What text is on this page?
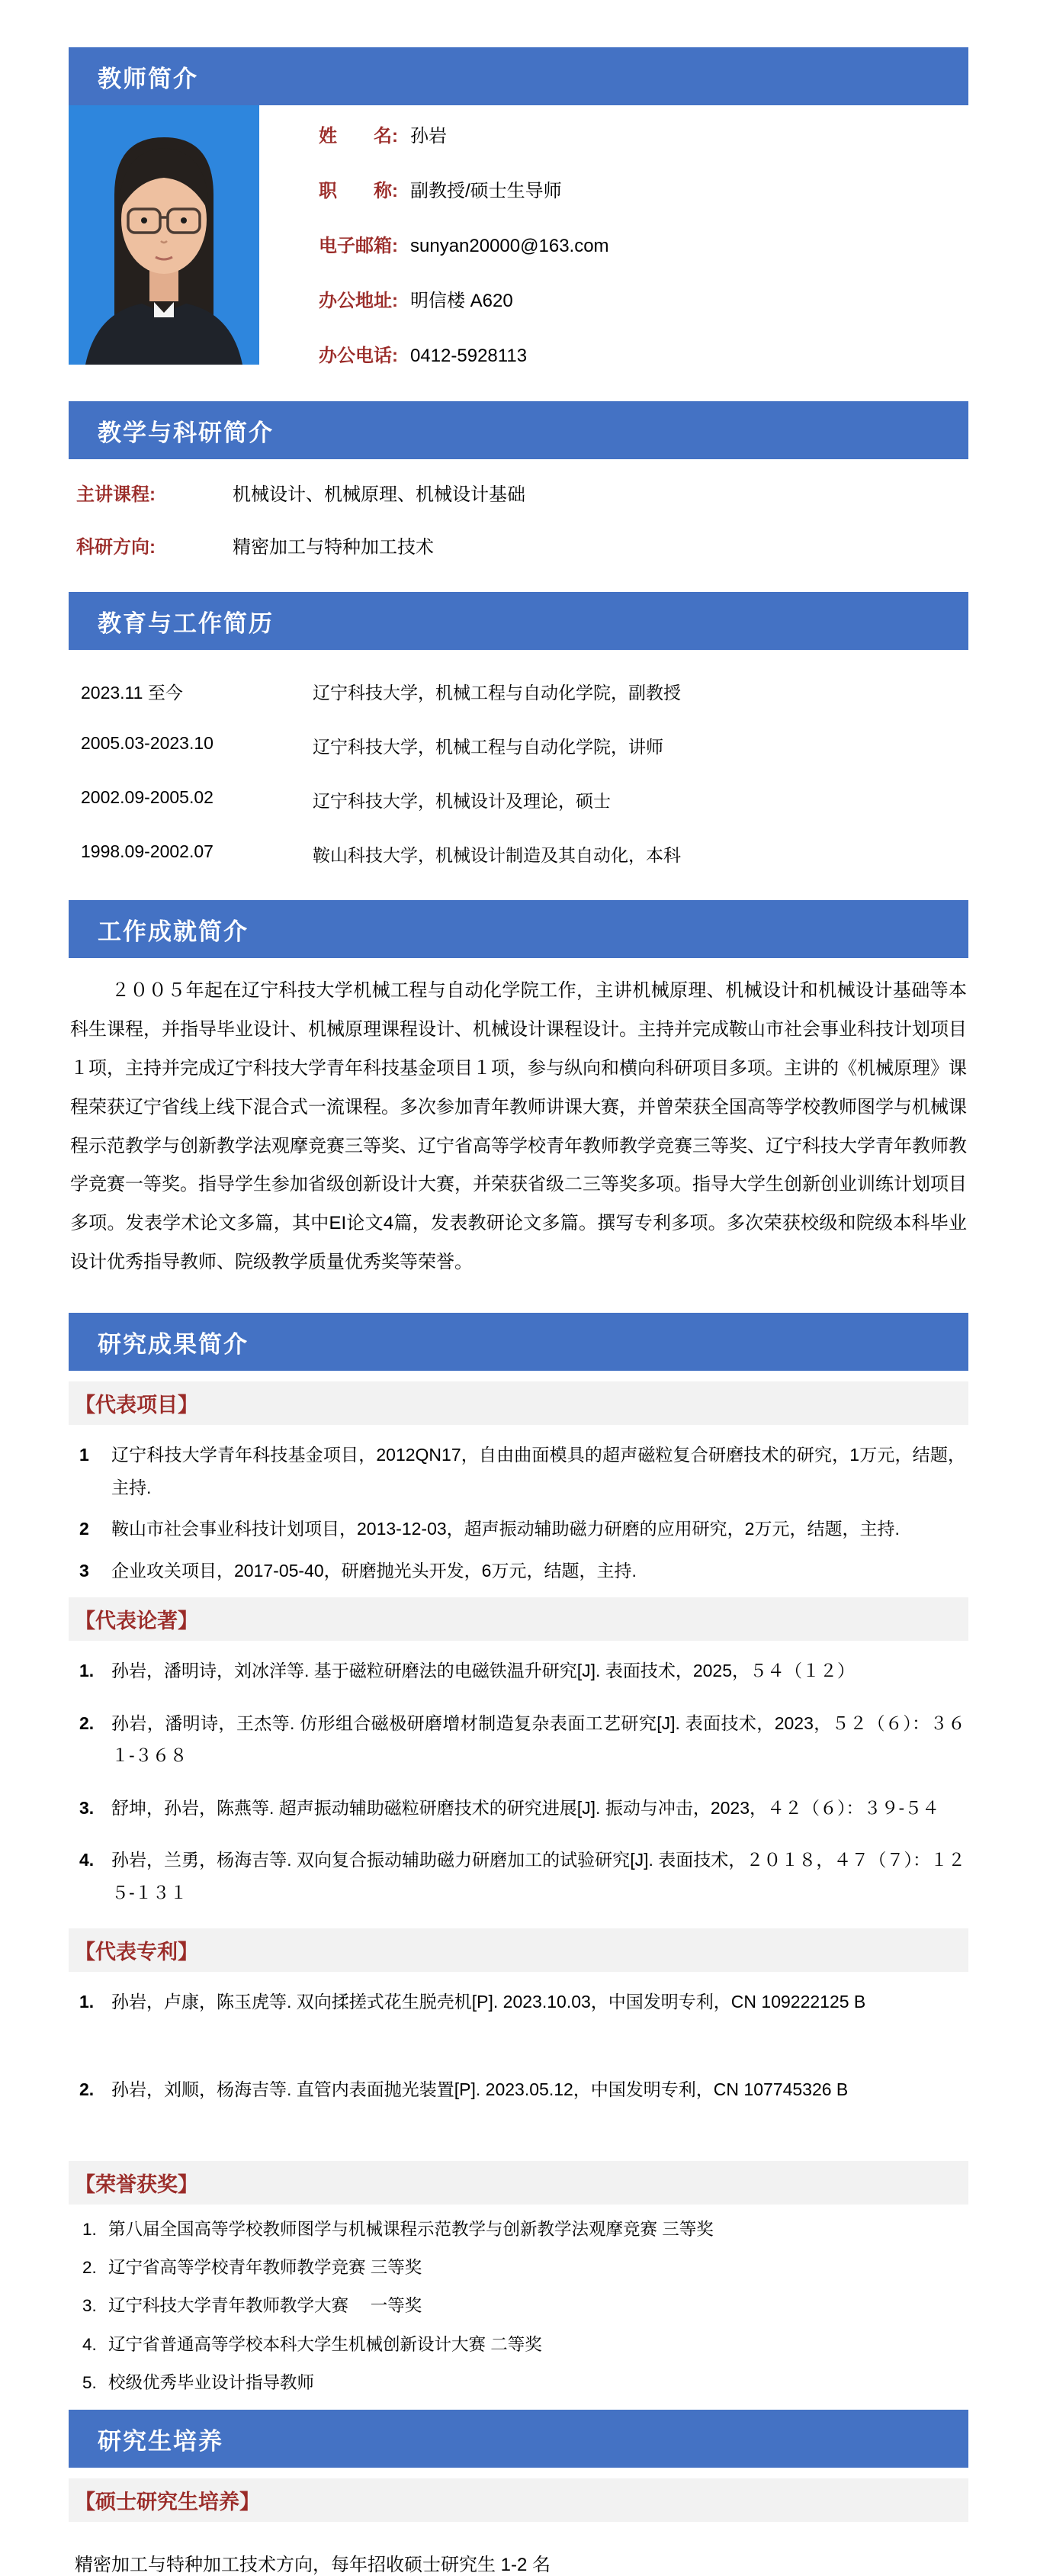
教师简介
姓　　名: 孙岩
职　　称: 副教授/硕士生导师
电子邮箱: sunyan20000@163.com
办公地址: 明信楼 A620
办公电话: 0412-5928113
教学与科研简介
主讲课程:	机械设计、机械原理、机械设计基础
科研方向:	精密加工与特种加工技术
教育与工作简历
2023.11 至今	辽宁科技大学，机械工程与自动化学院，副教授
2005.03-2023.10	辽宁科技大学，机械工程与自动化学院，讲师
2002.09-2005.02	辽宁科技大学，机械设计及理论，硕士
1998.09-2002.07	鞍山科技大学，机械设计制造及其自动化，本科
工作成就简介
２００５年起在辽宁科技大学机械工程与自动化学院工作，主讲机械原理、机械设计和机械设计基础等本科生课程，并指导毕业设计、机械原理课程设计、机械设计课程设计。主持并完成鞍山市社会事业科技计划项目１项，主持并完成辽宁科技大学青年科技基金项目１项，参与纵向和横向科研项目多项。主讲的《机械原理》课程荣获辽宁省线上线下混合式一流课程。多次参加青年教师讲课大赛，并曾荣获全国高等学校教师图学与机械课程示范教学与创新教学法观摩竞赛三等奖、辽宁省高等学校青年教师教学竞赛三等奖、辽宁科技大学青年教师教学竞赛一等奖。指导学生参加省级创新设计大赛，并荣获省级二三等奖多项。指导大学生创新创业训练计划项目多项。发表学术论文多篇，其中EI论文4篇，发表教研论文多篇。撰写专利多项。多次荣获校级和院级本科毕业设计优秀指导教师、院级教学质量优秀奖等荣誉。
研究成果简介
【代表项目】
1	辽宁科技大学青年科技基金项目，2012QN17，自由曲面模具的超声磁粒复合研磨技术的研究，1万元，结题，主持.
2	鞍山市社会事业科技计划项目，2013-12-03，超声振动辅助磁力研磨的应用研究，2万元，结题，主持.
3	企业攻关项目，2017-05-40，研磨抛光头开发，6万元，结题，主持.
【代表论著】
1. 孙岩，潘明诗，刘冰洋等. 基于磁粒研磨法的电磁铁温升研究[J]. 表面技术，2025，５４（１２）
2. 孙岩，潘明诗，王杰等. 仿形组合磁极研磨增材制造复杂表面工艺研究[J]. 表面技术，2023，５２（６）：３６１-３６８
3. 舒坤，孙岩，陈燕等. 超声振动辅助磁粒研磨技术的研究进展[J]. 振动与冲击，2023，４２（６）：３９-５４
4. 孙岩，兰勇，杨海吉等. 双向复合振动辅助磁力研磨加工的试验研究[J]. 表面技术，２０１８，４７（７）：１２５-１３１
【代表专利】
1. 孙岩，卢康，陈玉虎等. 双向揉搓式花生脱壳机[P]. 2023.10.03，中国发明专利，CN 109222125 B
2. 孙岩，刘顺，杨海吉等. 直管内表面抛光装置[P]. 2023.05.12，中国发明专利，CN 107745326 B
【荣誉获奖】
1. 第八届全国高等学校教师图学与机械课程示范教学与创新教学法观摩竞赛 三等奖
2. 辽宁省高等学校青年教师教学竞赛 三等奖
3. 辽宁科技大学青年教师教学大赛　 一等奖
4. 辽宁省普通高等学校本科大学生机械创新设计大赛 二等奖
5. 校级优秀毕业设计指导教师
研究生培养
【硕士研究生培养】
精密加工与特种加工技术方向，每年招收硕士研究生 1-2 名
